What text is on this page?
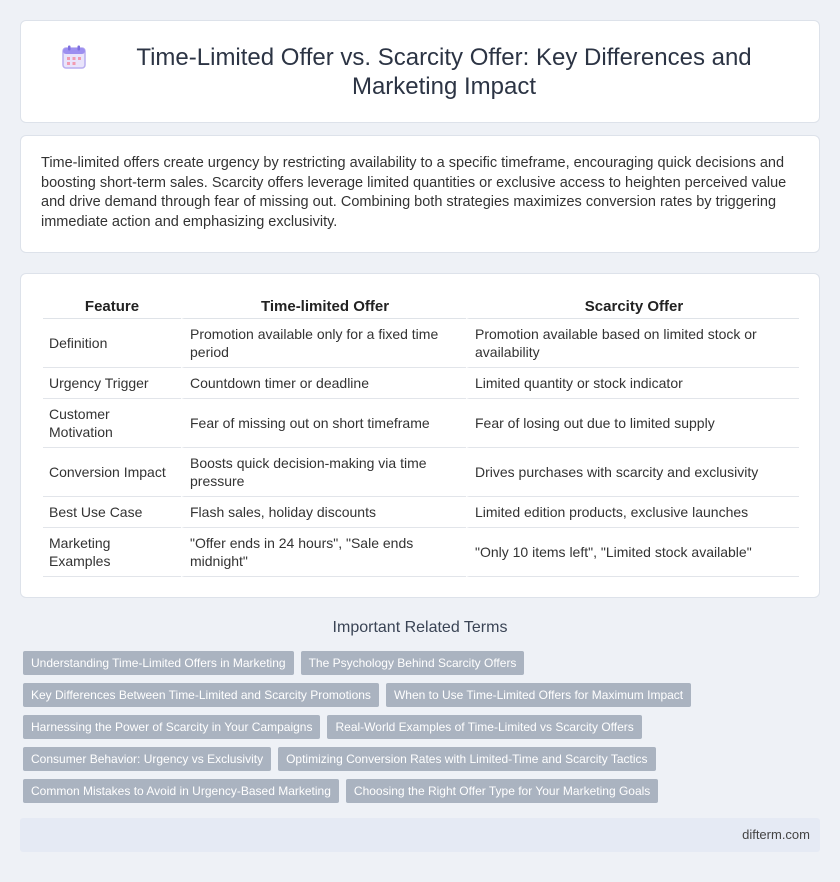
Time-Limited Offer vs. Scarcity Offer: Key Differences and Marketing Impact

Time-limited offers create urgency by restricting availability to a specific timeframe, encouraging quick decisions and boosting short-term sales. Scarcity offers leverage limited quantities or exclusive access to heighten perceived value and drive demand through fear of missing out. Combining both strategies maximizes conversion rates by triggering immediate action and emphasizing exclusivity.

Feature	Time-limited Offer	Scarcity Offer
Definition	Promotion available only for a fixed time period	Promotion available based on limited stock or availability
Urgency Trigger	Countdown timer or deadline	Limited quantity or stock indicator
Customer Motivation	Fear of missing out on short timeframe	Fear of losing out due to limited supply
Conversion Impact	Boosts quick decision-making via time pressure	Drives purchases with scarcity and exclusivity
Best Use Case	Flash sales, holiday discounts	Limited edition products, exclusive launches
Marketing Examples	"Offer ends in 24 hours", "Sale ends midnight"	"Only 10 items left", "Limited stock available"
Important Related Terms
Understanding Time-Limited Offers in Marketing	The Psychology Behind Scarcity Offers
Key Differences Between Time-Limited and Scarcity Promotions	When to Use Time-Limited Offers for Maximum Impact
Harnessing the Power of Scarcity in Your Campaigns	Real-World Examples of Time-Limited vs Scarcity Offers
Consumer Behavior: Urgency vs Exclusivity	Optimizing Conversion Rates with Limited-Time and Scarcity Tactics
Common Mistakes to Avoid in Urgency-Based Marketing	Choosing the Right Offer Type for Your Marketing Goals
difterm.com
